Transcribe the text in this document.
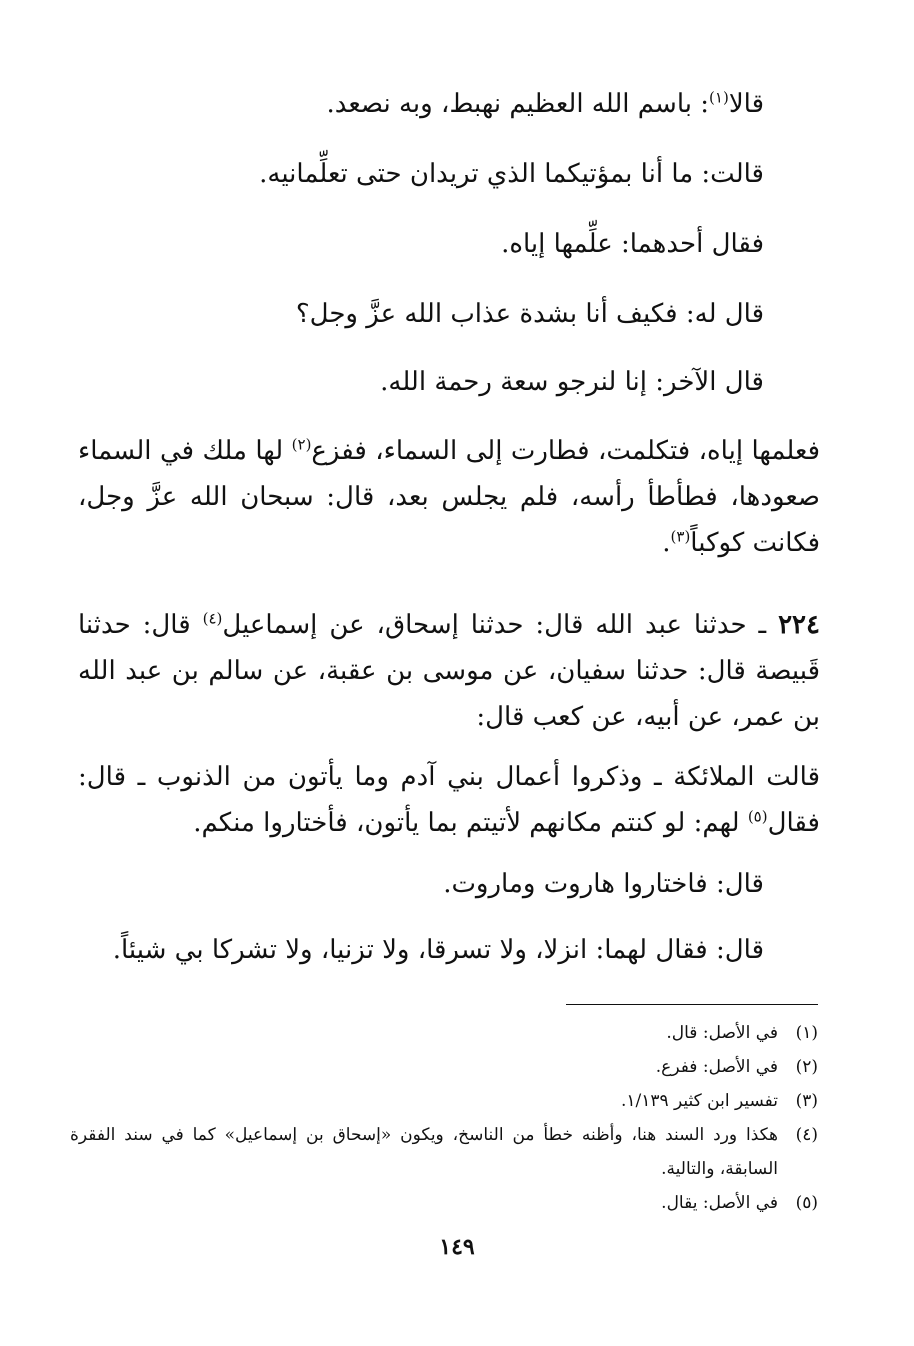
قالا$^{(١)}$: باسم الله العظيم نهبط، وبه نصعد.
قالت: ما أنا بمؤتيكما الذي تريدان حتى تعلِّمانيه.
فقال أحدهما: علِّمها إياه.
قال له: فكيف أنا بشدة عذاب الله عزَّ وجل؟
قال الآخر: إنا لنرجو سعة رحمة الله.
فعلمها إياه، فتكلمت، فطارت إلى السماء، ففزع$^{(٢)}$ لها ملك في السماء صعودها، فطأطأ رأسه، فلم يجلس بعد، قال: سبحان الله عزَّ وجل، فكانت كوكباً$^{(٣)}$.
٢٢٤ ـ حدثنا عبد الله قال: حدثنا إسحاق، عن إسماعيل$^{(٤)}$ قال: حدثنا قَبيصة قال: حدثنا سفيان، عن موسى بن عقبة، عن سالم بن عبد الله بن عمر، عن أبيه، عن كعب قال:
قالت الملائكة ـ وذكروا أعمال بني آدم وما يأتون من الذنوب ـ قال: فقال$^{(٥)}$ لهم: لو كنتم مكانهم لأتيتم بما يأتون، فأختاروا منكم.
قال: فاختاروا هاروت وماروت.
قال: فقال لهما: انزلا، ولا تسرقا، ولا تزنيا، ولا تشركا بي شيئاً.
(١)
في الأصل: قال.
(٢)
في الأصل: ففرع.
(٣)
تفسير ابن كثير ١/١٣٩.
(٤)
هكذا ورد السند هنا، وأظنه خطأ من الناسخ، ويكون «إسحاق بن إسماعيل» كما في سند الفقرة السابقة، والتالية.
(٥)
في الأصل: يقال.
١٤٩
